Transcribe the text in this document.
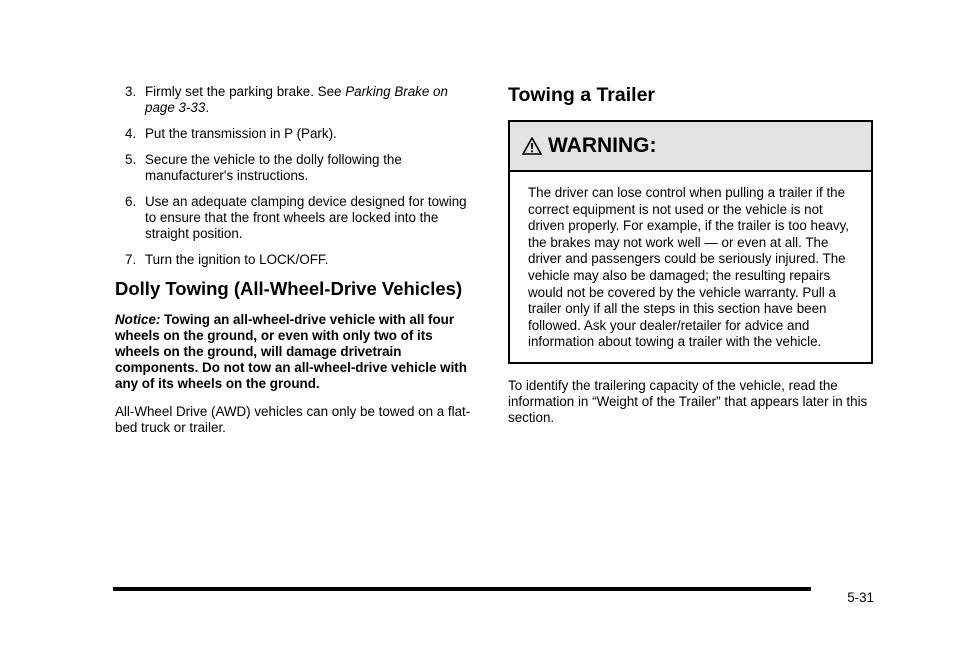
3. Firmly set the parking brake. See Parking Brake on page 3-33.
4. Put the transmission in P (Park).
5. Secure the vehicle to the dolly following the manufacturer's instructions.
6. Use an adequate clamping device designed for towing to ensure that the front wheels are locked into the straight position.
7. Turn the ignition to LOCK/OFF.
Dolly Towing (All-Wheel-Drive Vehicles)

Notice: Towing an all-wheel-drive vehicle with all four wheels on the ground, or even with only two of its wheels on the ground, will damage drivetrain components. Do not tow an all-wheel-drive vehicle with any of its wheels on the ground.

All-Wheel Drive (AWD) vehicles can only be towed on a flat-bed truck or trailer.

Towing a Trailer
WARNING:

The driver can lose control when pulling a trailer if the correct equipment is not used or the vehicle is not driven properly. For example, if the trailer is too heavy, the brakes may not work well — or even at all. The driver and passengers could be seriously injured. The vehicle may also be damaged; the resulting repairs would not be covered by the vehicle warranty. Pull a trailer only if all the steps in this section have been followed. Ask your dealer/retailer for advice and information about towing a trailer with the vehicle.

To identify the trailering capacity of the vehicle, read the information in “Weight of the Trailer” that appears later in this section.

5-31
